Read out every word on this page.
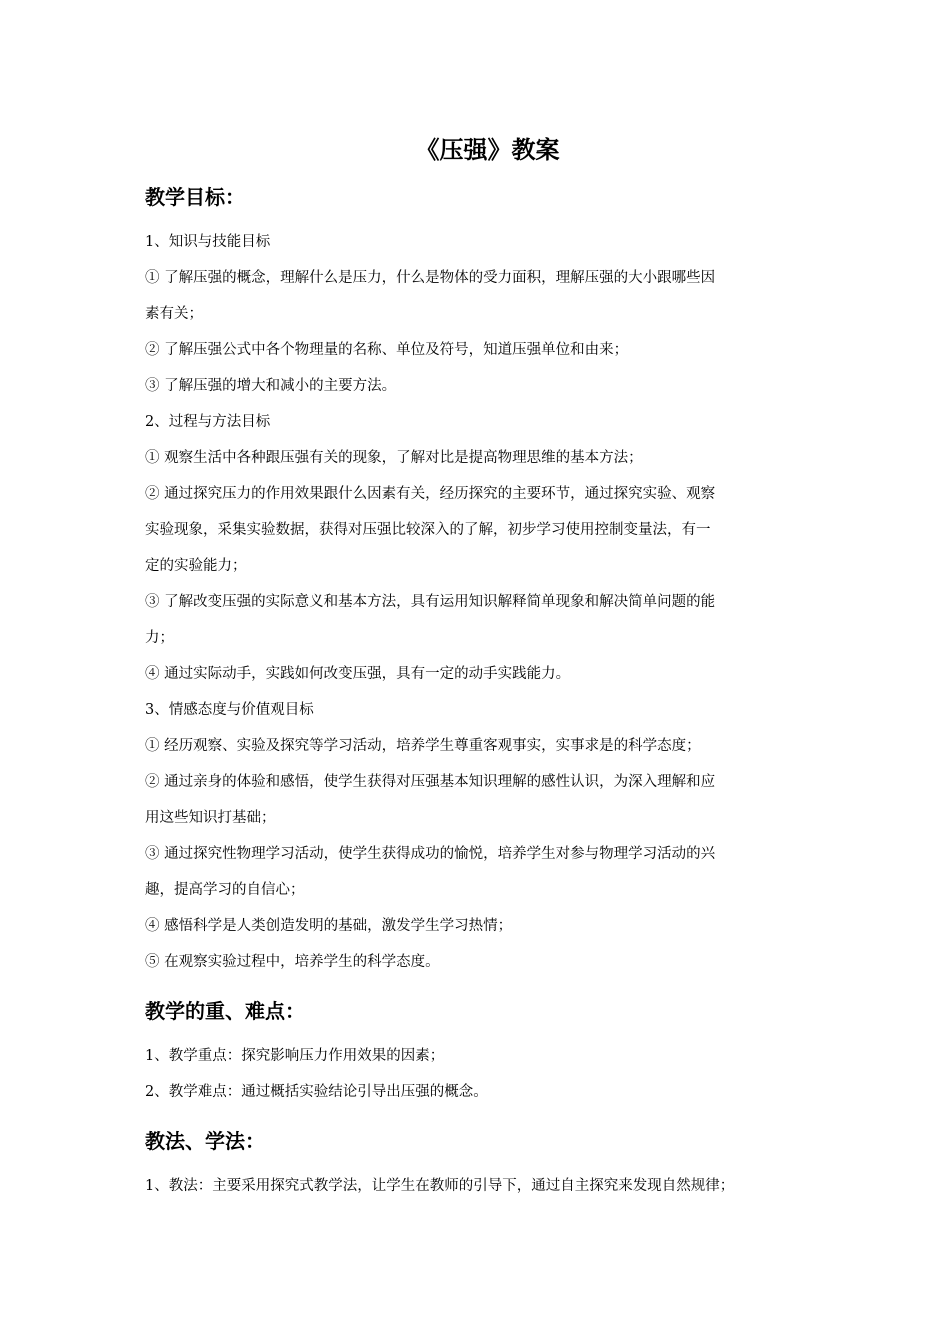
《压强》教案
教学目标：
1、知识与技能目标
① 了解压强的概念，理解什么是压力，什么是物体的受力面积，理解压强的大小跟哪些因
素有关；
② 了解压强公式中各个物理量的名称、单位及符号，知道压强单位和由来；
③ 了解压强的增大和减小的主要方法。
2、过程与方法目标
① 观察生活中各种跟压强有关的现象，了解对比是提高物理思维的基本方法；
② 通过探究压力的作用效果跟什么因素有关，经历探究的主要环节，通过探究实验、观察
实验现象，采集实验数据，获得对压强比较深入的了解，初步学习使用控制变量法，有一
定的实验能力；
③ 了解改变压强的实际意义和基本方法，具有运用知识解释简单现象和解决简单问题的能
力；
④ 通过实际动手，实践如何改变压强，具有一定的动手实践能力。
3、情感态度与价值观目标
① 经历观察、实验及探究等学习活动，培养学生尊重客观事实，实事求是的科学态度；
② 通过亲身的体验和感悟，使学生获得对压强基本知识理解的感性认识，为深入理解和应
用这些知识打基础；
③ 通过探究性物理学习活动，使学生获得成功的愉悦，培养学生对参与物理学习活动的兴
趣，提高学习的自信心；
④ 感悟科学是人类创造发明的基础，激发学生学习热情；
⑤ 在观察实验过程中，培养学生的科学态度。
教学的重、难点：
1、教学重点：探究影响压力作用效果的因素；
2、教学难点：通过概括实验结论引导出压强的概念。
教法、学法：
1、教法：主要采用探究式教学法，让学生在教师的引导下，通过自主探究来发现自然规律；
